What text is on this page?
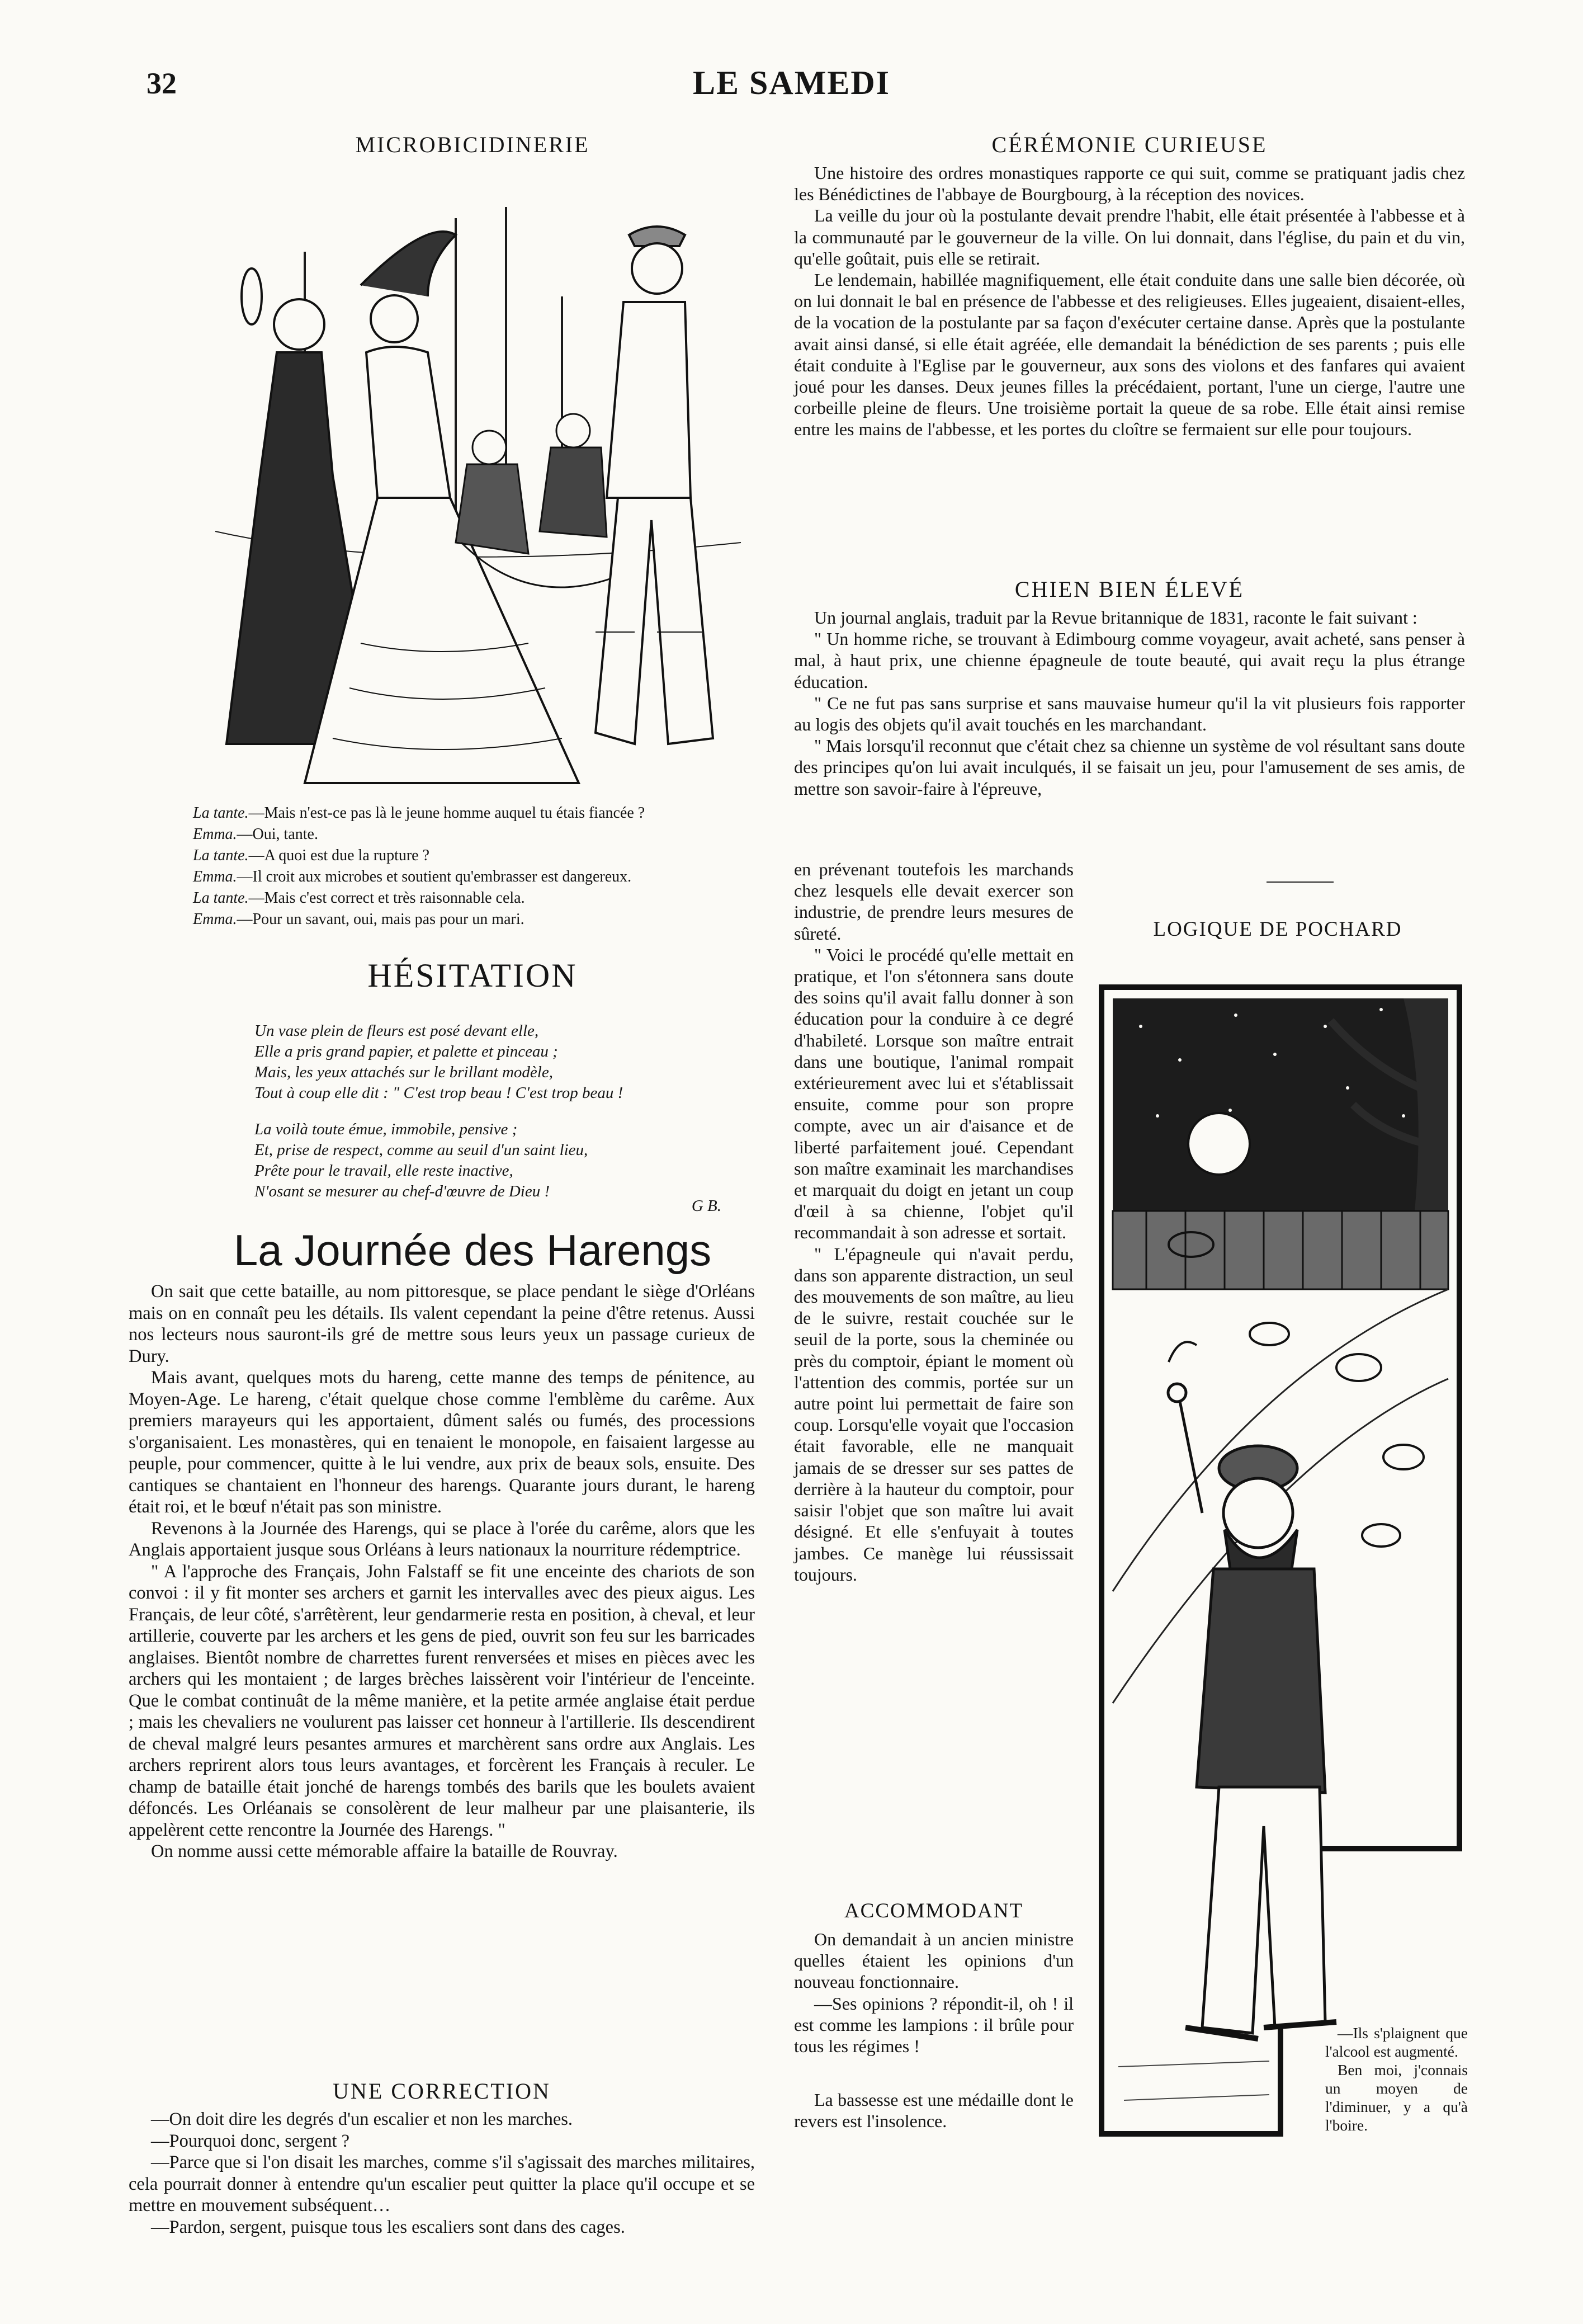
32	LE SAMEDI
MICROBICIDINERIE

La tante.—Mais n'est-ce pas là le jeune homme auquel tu étais fiancée ?

Emma.—Oui, tante.

La tante.—A quoi est due la rupture ?

Emma.—Il croit aux microbes et soutient qu'embrasser est dangereux.

La tante.—Mais c'est correct et très raisonnable cela.

Emma.—Pour un savant, oui, mais pas pour un mari.

HÉSITATION

Un vase plein de fleurs est posé devant elle,

Elle a pris grand papier, et palette et pinceau ;

Mais, les yeux attachés sur le brillant modèle,

Tout à coup elle dit : " C'est trop beau ! C'est trop beau !

La voilà toute émue, immobile, pensive ;

Et, prise de respect, comme au seuil d'un saint lieu,

Prête pour le travail, elle reste inactive,

N'osant se mesurer au chef-d'œuvre de Dieu !

G B.
La Journée des Harengs

On sait que cette bataille, au nom pittoresque, se place pendant le siège d'Orléans mais on en connaît peu les détails. Ils valent cependant la peine d'être retenus. Aussi nos lecteurs nous sauront-ils gré de mettre sous leurs yeux un passage curieux de Dury.

Mais avant, quelques mots du hareng, cette manne des temps de pénitence, au Moyen-Age. Le hareng, c'était quelque chose comme l'emblème du carême. Aux premiers marayeurs qui les apportaient, dûment salés ou fumés, des processions s'organisaient. Les monastères, qui en tenaient le monopole, en faisaient largesse au peuple, pour commencer, quitte à le lui vendre, aux prix de beaux sols, ensuite. Des cantiques se chantaient en l'honneur des harengs. Quarante jours durant, le hareng était roi, et le bœuf n'était pas son ministre.

Revenons à la Journée des Harengs, qui se place à l'orée du carême, alors que les Anglais apportaient jusque sous Orléans à leurs nationaux la nourriture rédemptrice.

" A l'approche des Français, John Falstaff se fit une enceinte des chariots de son convoi : il y fit monter ses archers et garnit les intervalles avec des pieux aigus. Les Français, de leur côté, s'arrêtèrent, leur gendarmerie resta en position, à cheval, et leur artillerie, couverte par les archers et les gens de pied, ouvrit son feu sur les barricades anglaises. Bientôt nombre de charrettes furent renversées et mises en pièces avec les archers qui les montaient ; de larges brèches laissèrent voir l'intérieur de l'enceinte. Que le combat continuât de la même manière, et la petite armée anglaise était perdue ; mais les chevaliers ne voulurent pas laisser cet honneur à l'artillerie. Ils descendirent de cheval malgré leurs pesantes armures et marchèrent sans ordre aux Anglais. Les archers reprirent alors tous leurs avantages, et forcèrent les Français à reculer. Le champ de bataille était jonché de harengs tombés des barils que les boulets avaient défoncés. Les Orléanais se consolèrent de leur malheur par une plaisanterie, ils appelèrent cette rencontre la Journée des Harengs. "

On nomme aussi cette mémorable affaire la bataille de Rouvray.

UNE CORRECTION

—On doit dire les degrés d'un escalier et non les marches.

—Pourquoi donc, sergent ?

—Parce que si l'on disait les marches, comme s'il s'agissait des marches militaires, cela pourrait donner à entendre qu'un escalier peut quitter la place qu'il occupe et se mettre en mouvement subséquent…

—Pardon, sergent, puisque tous les escaliers sont dans des cages.

CÉRÉMONIE CURIEUSE

Une histoire des ordres monastiques rapporte ce qui suit, comme se pratiquant jadis chez les Bénédictines de l'abbaye de Bourgbourg, à la réception des novices.

La veille du jour où la postulante devait prendre l'habit, elle était présentée à l'abbesse et à la communauté par le gouverneur de la ville. On lui donnait, dans l'église, du pain et du vin, qu'elle goûtait, puis elle se retirait.

Le lendemain, habillée magnifiquement, elle était conduite dans une salle bien décorée, où on lui donnait le bal en présence de l'abbesse et des religieuses. Elles jugeaient, disaient-elles, de la vocation de la postulante par sa façon d'exécuter certaine danse. Après que la postulante avait ainsi dansé, si elle était agréée, elle demandait la bénédiction de ses parents ; puis elle était conduite à l'Eglise par le gouverneur, aux sons des violons et des fanfares qui avaient joué pour les danses. Deux jeunes filles la précédaient, portant, l'une un cierge, l'autre une corbeille pleine de fleurs. Une troisième portait la queue de sa robe. Elle était ainsi remise entre les mains de l'abbesse, et les portes du cloître se fermaient sur elle pour toujours.

CHIEN BIEN ÉLEVÉ

Un journal anglais, traduit par la Revue britannique de 1831, raconte le fait suivant :

" Un homme riche, se trouvant à Edimbourg comme voyageur, avait acheté, sans penser à mal, à haut prix, une chienne épagneule de toute beauté, qui avait reçu la plus étrange éducation.

" Ce ne fut pas sans surprise et sans mauvaise humeur qu'il la vit plusieurs fois rapporter au logis des objets qu'il avait touchés en les marchandant.

" Mais lorsqu'il reconnut que c'était chez sa chienne un système de vol résultant sans doute des principes qu'on lui avait inculqués, il se faisait un jeu, pour l'amusement de ses amis, de mettre son savoir-faire à l'épreuve,

en prévenant toutefois les marchands chez lesquels elle devait exercer son industrie, de prendre leurs mesures de sûreté.

" Voici le procédé qu'elle mettait en pratique, et l'on s'étonnera sans doute des soins qu'il avait fallu donner à son éducation pour la conduire à ce degré d'habileté. Lorsque son maître entrait dans une boutique, l'animal rompait extérieurement avec lui et s'établissait ensuite, comme pour son propre compte, avec un air d'aisance et de liberté parfaitement joué. Cependant son maître examinait les marchandises et marquait du doigt en jetant un coup d'œil à sa chienne, l'objet qu'il recommandait à son adresse et sortait.

" L'épagneule qui n'avait perdu, dans son apparente distraction, un seul des mouvements de son maître, au lieu de le suivre, restait couchée sur le seuil de la porte, sous la cheminée ou près du comptoir, épiant le moment où l'attention des commis, portée sur un autre point lui permettait de faire son coup. Lorsqu'elle voyait que l'occasion était favorable, elle ne manquait jamais de se dresser sur ses pattes de derrière à la hauteur du comptoir, pour saisir l'objet que son maître lui avait désigné. Et elle s'enfuyait à toutes jambes. Ce manège lui réussissait toujours.

ACCOMMODANT

On demandait à un ancien ministre quelles étaient les opinions d'un nouveau fonctionnaire.

—Ses opinions ? répondit-il, oh ! il est comme les lampions : il brûle pour tous les régimes !

La bassesse est une médaille dont le revers est l'insolence.

LOGIQUE DE POCHARD

—Ils s'plaignent que l'alcool est augmenté.

Ben moi, j'connais un moyen de l'diminuer, y a qu'à l'boire.
